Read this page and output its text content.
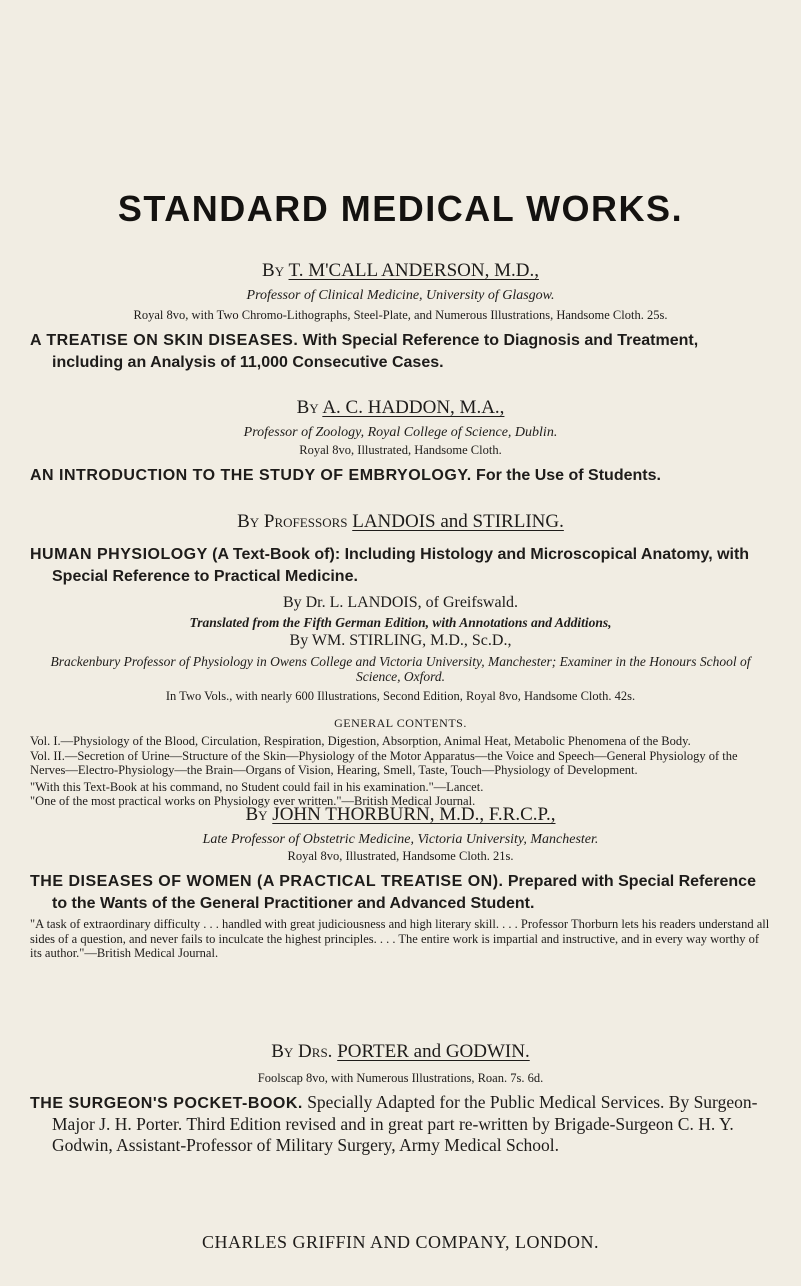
STANDARD MEDICAL WORKS.
By T. M'CALL ANDERSON, M.D.,
Professor of Clinical Medicine, University of Glasgow.
Royal 8vo, with Two Chromo-Lithographs, Steel-Plate, and Numerous Illustrations, Handsome Cloth. 25s.
A TREATISE ON SKIN DISEASES. With Special Reference to Diagnosis and Treatment, including an Analysis of 11,000 Consecutive Cases.
By A. C. HADDON, M.A.,
Professor of Zoology, Royal College of Science, Dublin.
Royal 8vo, Illustrated, Handsome Cloth.
AN INTRODUCTION TO THE STUDY OF EMBRYOLOGY. For the Use of Students.
By Professors LANDOIS and STIRLING.
HUMAN PHYSIOLOGY (A Text-Book of): Including Histology and Microscopical Anatomy, with Special Reference to Practical Medicine.
By Dr. L. LANDOIS, of Greifswald.
Translated from the Fifth German Edition, with Annotations and Additions,
By WM. STIRLING, M.D., Sc.D.,
Brackenbury Professor of Physiology in Owens College and Victoria University, Manchester; Examiner in the Honours School of Science, Oxford.
In Two Vols., with nearly 600 Illustrations, Second Edition, Royal 8vo, Handsome Cloth. 42s.
GENERAL CONTENTS.
Vol. I.—Physiology of the Blood, Circulation, Respiration, Digestion, Absorption, Animal Heat, Metabolic Phenomena of the Body.
Vol. II.—Secretion of Urine—Structure of the Skin—Physiology of the Motor Apparatus—the Voice and Speech—General Physiology of the Nerves—Electro-Physiology—the Brain—Organs of Vision, Hearing, Smell, Taste, Touch—Physiology of Development.
"With this Text-Book at his command, no Student could fail in his examination."—Lancet.
"One of the most practical works on Physiology ever written."—British Medical Journal.
By JOHN THORBURN, M.D., F.R.C.P.,
Late Professor of Obstetric Medicine, Victoria University, Manchester.
Royal 8vo, Illustrated, Handsome Cloth. 21s.
THE DISEASES OF WOMEN (A PRACTICAL TREATISE ON). Prepared with Special Reference to the Wants of the General Practitioner and Advanced Student.
"A task of extraordinary difficulty . . . handled with great judiciousness and high literary skill. . . . Professor Thorburn lets his readers understand all sides of a question, and never fails to inculcate the highest principles. . . . The entire work is impartial and instructive, and in every way worthy of its author."—British Medical Journal.
By Drs. PORTER and GODWIN.
Foolscap 8vo, with Numerous Illustrations, Roan. 7s. 6d.
THE SURGEON'S POCKET-BOOK. Specially Adapted for the Public Medical Services. By Surgeon-Major J. H. Porter. Third Edition revised and in great part re-written by Brigade-Surgeon C. H. Y. Godwin, Assistant-Professor of Military Surgery, Army Medical School.
CHARLES GRIFFIN AND COMPANY, LONDON.
